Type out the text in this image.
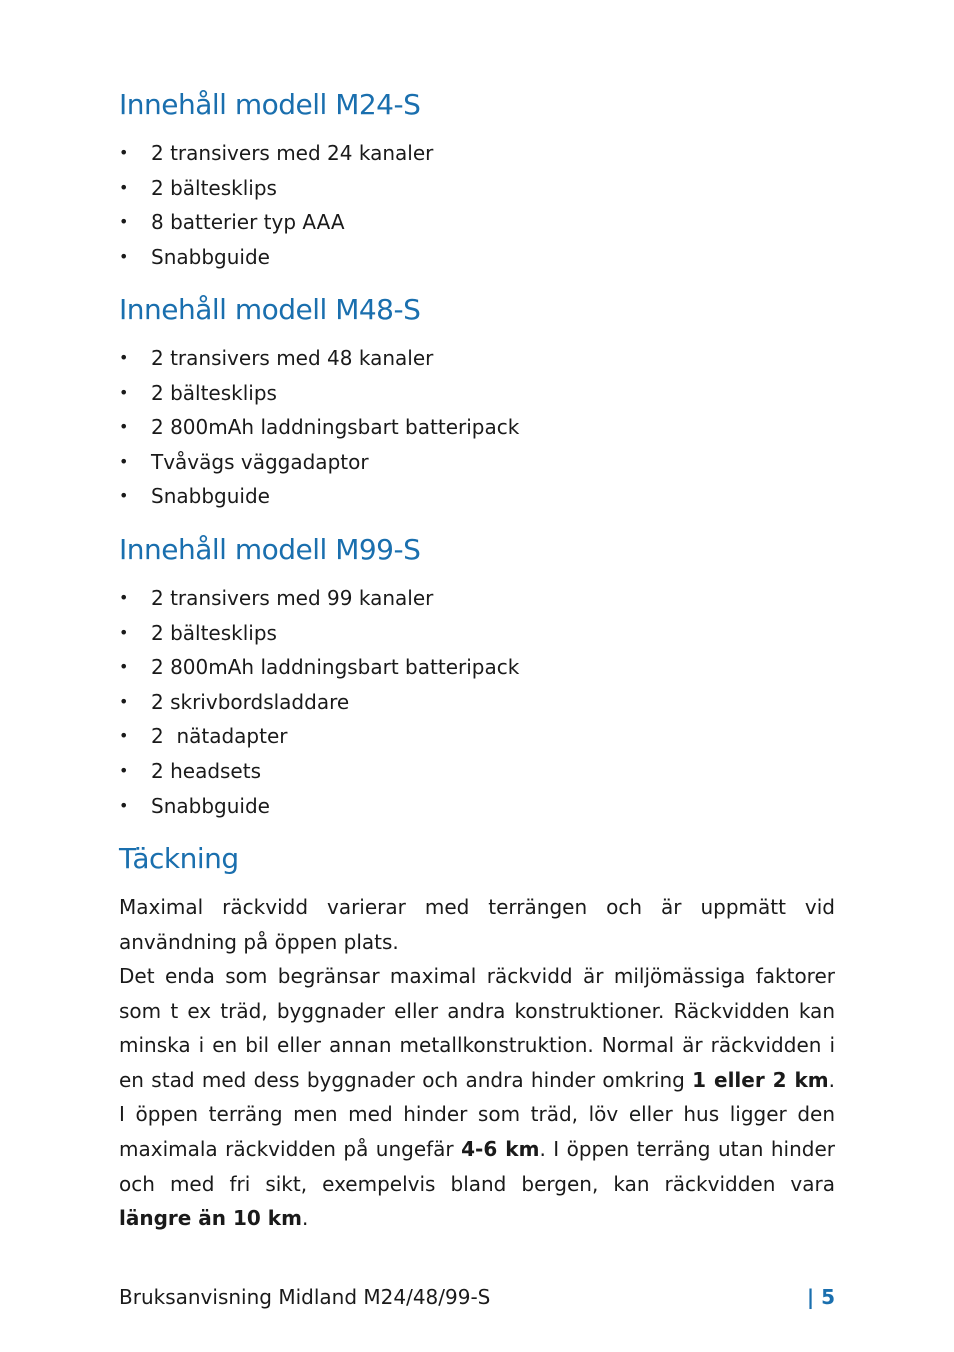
Innehåll modell M24-S
• 2 transivers med 24 kanaler
• 2 bältesklips
• 8 batterier typ AAA
• Snabbguide
Innehåll modell M48-S
• 2 transivers med 48 kanaler
• 2 bältesklips
• 2 800mAh laddningsbart batteripack
• Tvåvägs väggadaptor
• Snabbguide
Innehåll modell M99-S
• 2 transivers med 99 kanaler
• 2 bältesklips
• 2 800mAh laddningsbart batteripack
• 2 skrivbordsladdare
• 2  nätadapter
• 2 headsets
• Snabbguide
Täckning

Maximal räckvidd varierar med terrängen och är uppmätt vid användning på öppen plats.

Det enda som begränsar maximal räckvidd är miljömässiga faktorer som t ex träd, byggnader eller andra konstruktioner. Räckvidden kan minska i en bil eller annan metallkonstruktion. Normal är räckvidden i en stad med dess byggnader och andra hinder omkring 1 eller 2 km. I öppen terräng men med hinder som träd, löv eller hus ligger den maximala räckvidden på ungefär 4-6 km. I öppen terräng utan hinder och med fri sikt, exempelvis bland bergen, kan räckvidden vara längre än 10 km.

Bruksanvisning Midland M24/48/99-S	| 5
